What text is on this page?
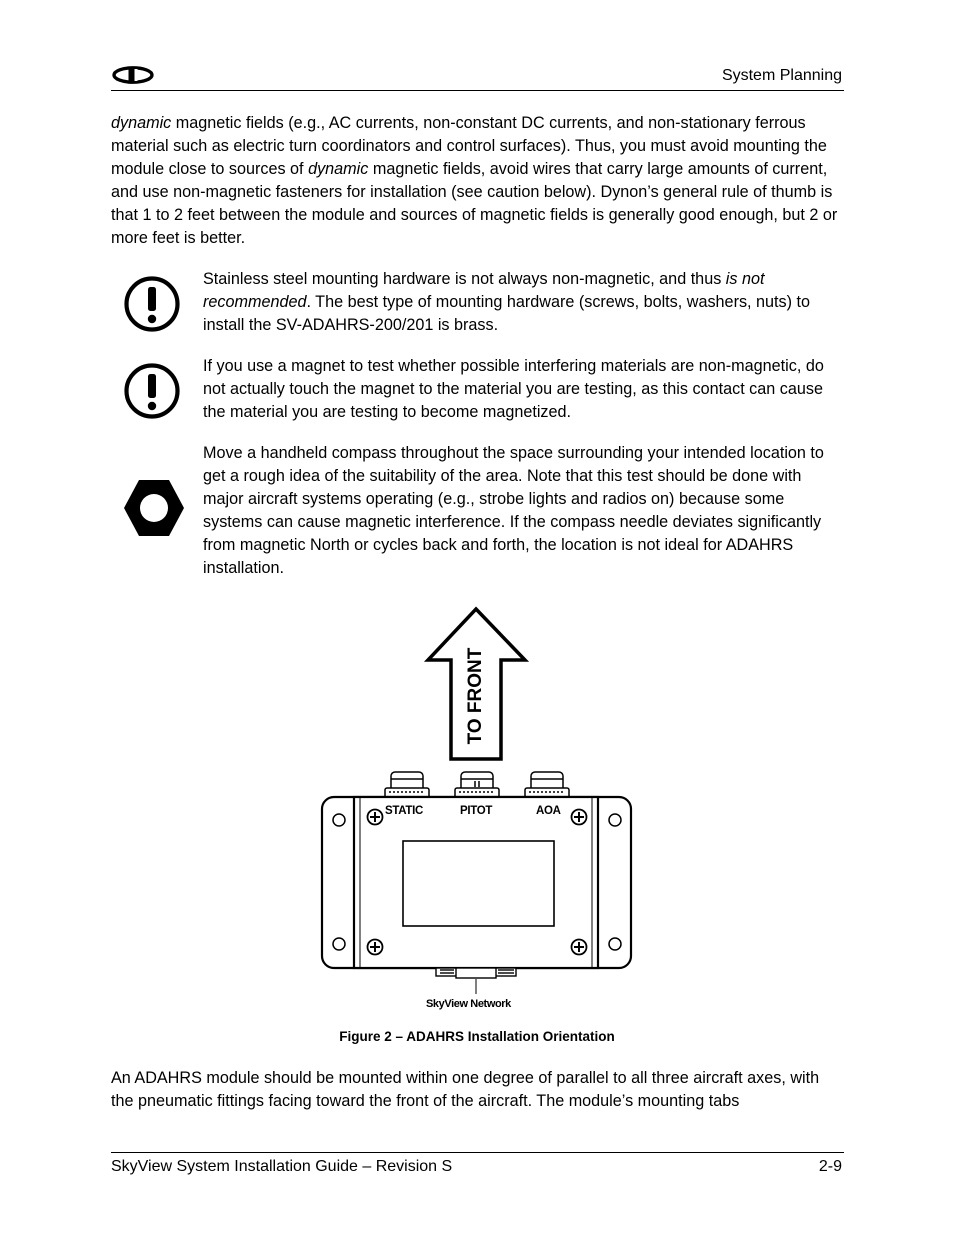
System Planning

dynamic magnetic fields (e.g., AC currents, non-constant DC currents, and non-stationary ferrous material such as electric turn coordinators and control surfaces). Thus, you must avoid mounting the module close to sources of dynamic magnetic fields, avoid wires that carry large amounts of current, and use non-magnetic fasteners for installation (see caution below). Dynon’s general rule of thumb is that 1 to 2 feet between the module and sources of magnetic fields is generally good enough, but 2 or more feet is better.

Stainless steel mounting hardware is not always non-magnetic, and thus is not recommended. The best type of mounting hardware (screws, bolts, washers, nuts) to install the SV-ADAHRS-200/201 is brass.
If you use a magnet to test whether possible interfering materials are non-magnetic, do not actually touch the magnet to the material you are testing, as this contact can cause the material you are testing to become magnetized.
Move a handheld compass throughout the space surrounding your intended location to get a rough idea of the suitability of the area. Note that this test should be done with major aircraft systems operating (e.g., strobe lights and radios on) because some systems can cause magnetic interference. If the compass needle deviates significantly from magnetic North or cycles back and forth, the location is not ideal for ADAHRS installation.
TO FRONT
STATIC	PITOT	AOA
SkyView Network
Figure 2 – ADAHRS Installation Orientation

An ADAHRS module should be mounted within one degree of parallel to all three aircraft axes, with the pneumatic fittings facing toward the front of the aircraft. The module’s mounting tabs

SkyView System Installation Guide – Revision S	2-9
